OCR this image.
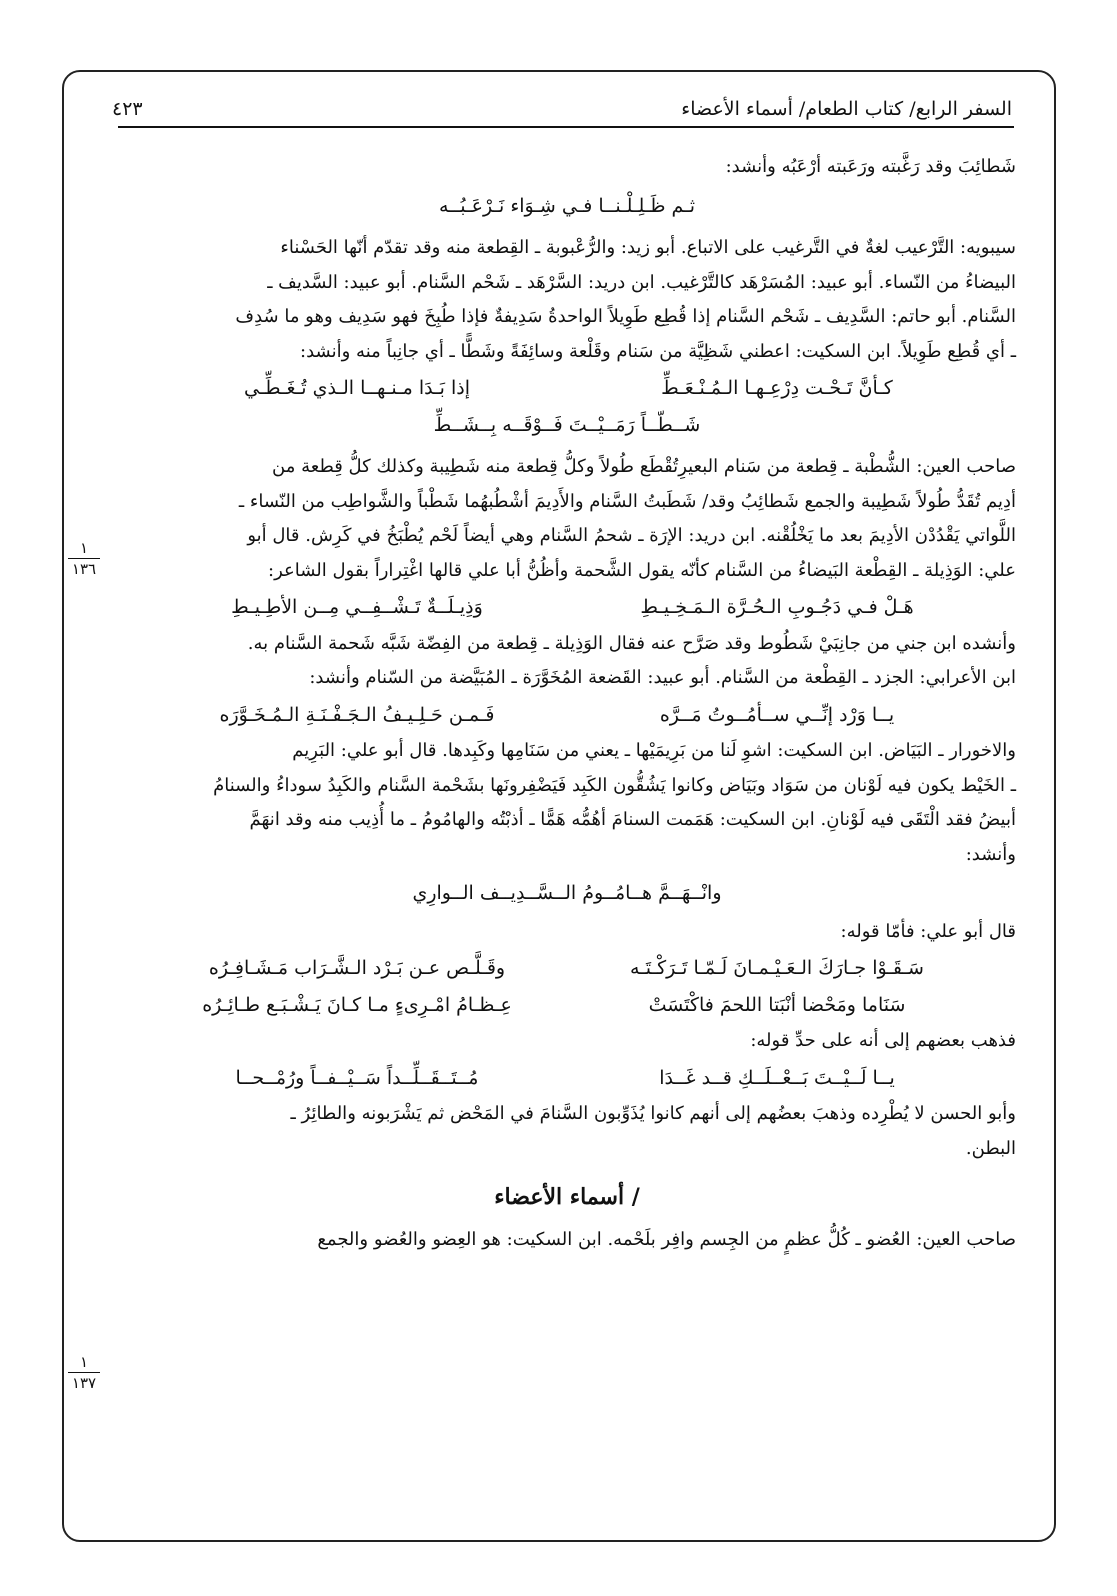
السفر الرابع/ كتاب الطعام/ أسماء الأعضاء
٤٢٣
١
١٣٦
١
١٣٧

شَطائِبَ وقد رَغَّبته ورَعَبته أرْعَبُه وأنشد:

ثـم ظَـلِـلْـنــا فـي شِـوَاء نَـرْعَـبُــه

سيبويه: التَّرْعيب لغةٌ في التَّرغيب على الاتباع. أبو زيد: والرُّعْبوبة ـ القِطعة منه وقد تقدّم أنّها الحَسْناء

البيضاءُ من النّساء. أبو عبيد: المُسَرْهَد كالتَّرْغيب. ابن دريد: السَّرْهَد ـ شَحْم السَّنام. أبو عبيد: السَّديف ـ

السَّنام. أبو حاتم: السَّدِيف ـ شَحْم السَّنام إذا قُطِع طَوِيلاً الواحدةُ سَدِيفةٌ فإذا طُبِخَ فهو سَدِيف وهو ما سُدِف

ـ أي قُطِع طَوِيلاً. ابن السكيت: اعطني شَظِيَّة من سَنام وقَلْعة وسائِفَةً وشَطًّا ـ أي جانِباً منه وأنشد:

كـأنَّ تَـحْـت دِرْعِـهـا الـمُـنْـعَـطِّ
إذا بَـدَا مـنـهــا الـذي تُـغَـطِّـي
شَــطّــاً رَمَــيْــتَ فَــوْقَــه بِــشَــطِّ

صاحب العين: الشُّطْبة ـ قِطعة من سَنام البعيرِتُقْطَع طُولاً وكلُّ قِطعة منه شَطِيبة وكذلك كلُّ قِطعة من

أدِيم تُقَدُّ طُولاً شَطِيبة والجمع شَطائِبُ وقد/ شَطَبتُ السَّنام والأَدِيمَ أشْطُبهُما شَطْباً والشَّواطِب من النّساء ـ

اللَّواتي يَقْدُدْن الأدِيمَ بعد ما يَخْلُقْنه. ابن دريد: الإرَة ـ شحمُ السَّنام وهي أيضاً لَحْم يُطْبَخُ في كَرِش. قال أبو

علي: الوَذِيلة ـ القِطْعة البَيضاءُ من السَّنام كأنّه يقول الشَّحمة وأظُنُّ أبا علي قالها اغْتِراراً بقول الشاعر:

هَـلْ فـي دَجُـوبِ الـحُـرَّة الـمَـخِـيـطِ
وَذِيـلَــةٌ تَـشْــفِــي مِــن الأطِـيـطِ

وأنشده ابن جني من جانِبَيْ شَطُوط وقد صَرَّح عنه فقال الوَذِيلة ـ قِطعة من الفِضّة شَبَّه شَحمة السَّنام به.

ابن الأعرابي: الجزد ـ القِطْعة من السَّنام. أبو عبيد: القَضعة المُخَوَّرَة ـ المُبَيَّضة من السّنام وأنشد:

يــا وَرْد إنِّــي ســأمُــوتُ مَــرَّه
فَـمـن حَـلِـيـفُ الـجَـفْـنَـةِ الـمُـخَـوَّرَه

والاخورار ـ البَيَاض. ابن السكيت: اشوِ لَنا من بَرِيمَيْها ـ يعني من سَنَامِها وكَبِدها. قال أبو علي: البَرِيم

ـ الخَيْط يكون فيه لَوْنان من سَوَاد وبَيَاض وكانوا يَشُقُّون الكَبِد فَيَضْفِرونَها بشَحْمة السَّنام والكَبِدُ سوداءُ والسنامُ

أبيضُ فقد الْتَقَى فيه لَوْنانِ. ابن السكيت: هَمَمت السنامَ أهُمُّه هَمًّا ـ أذبْتُه والهامُومُ ـ ما أُذِيب منه وقد انهَمَّ

وأنشد:

وانْــهَــمَّ هــامُــومُ الــسَّــدِيــف الــوارِي

قال أبو علي: فأمّا قوله:

سَـقَـوْا جـارَكَ الـعَـيْـمـانَ لَـمّـا تَـرَكْـتَـه
وقَـلَّـص عـن بَـرْد الـشَّـرَاب مَـشَـافِـرُه
سَنَاما ومَحْضا أنْبَتا اللحمَ فاكْتَسَتْ
عِـظـامُ امْـرِىءٍ مـا كـانَ يَـشْـبَـع طـائِـرُه

فذهب بعضهم إلى أنه على حدِّ قوله:

يــا لَــيْــتَ بَــعْــلَــكِ قــد غَــدَا
مُــتَــقَــلِّــداً سَــيْــفــاً ورُمْــحــا

وأبو الحسن لا يُطْرِده وذهبَ بعضُهم إلى أنهم كانوا يُذَوِّبون السَّنامَ في المَحْض ثم يَشْرَبونه والطائِرُ ـ

البطن.

/ أسماء الأعضاء

صاحب العين: العُضو ـ كُلُّ عظمٍ من الجِسم وافِر بلَحْمه. ابن السكيت: هو العِضو والعُضو والجمع
